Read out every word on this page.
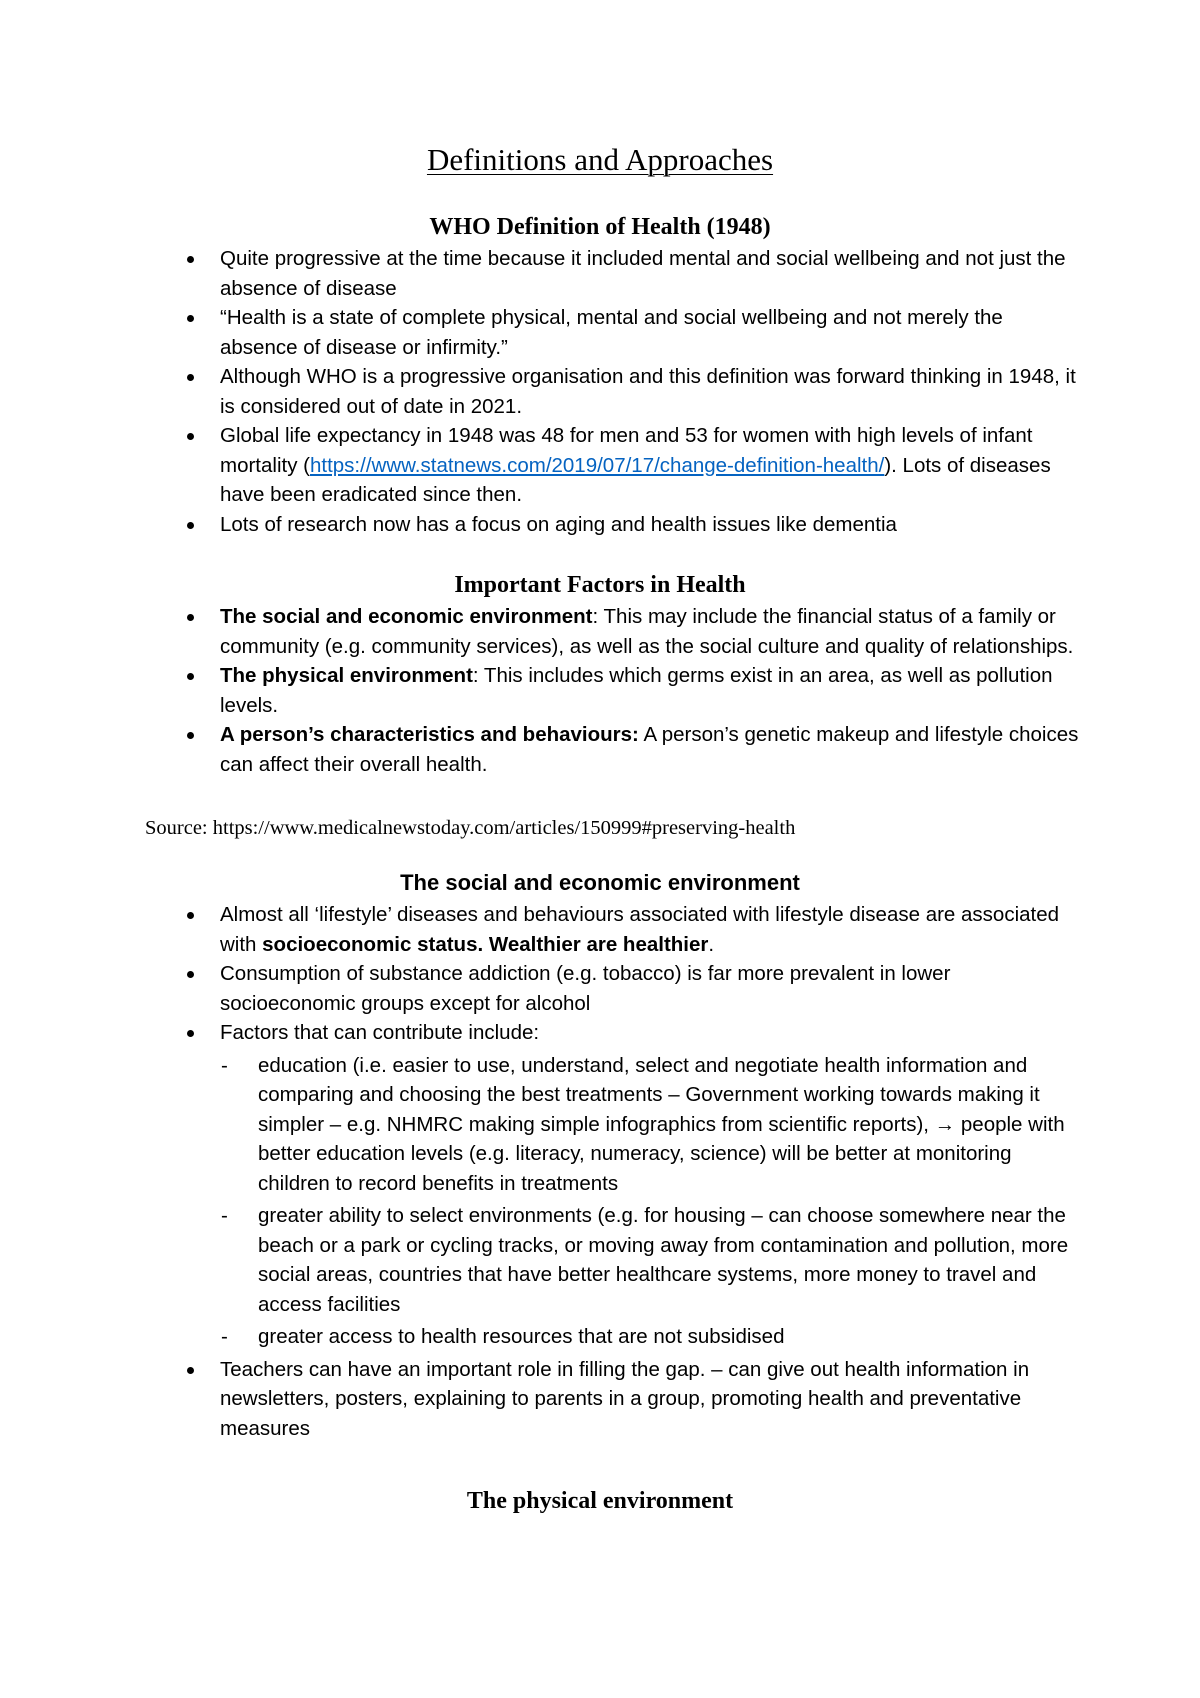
Definitions and Approaches
WHO Definition of Health (1948)
Quite progressive at the time because it included mental and social wellbeing and not just the absence of disease
“Health is a state of complete physical, mental and social wellbeing and not merely the absence of disease or infirmity.”
Although WHO is a progressive organisation and this definition was forward thinking in 1948, it is considered out of date in 2021.
Global life expectancy in 1948 was 48 for men and 53 for women with high levels of infant mortality (https://www.statnews.com/2019/07/17/change-definition-health/). Lots of diseases have been eradicated since then.
Lots of research now has a focus on aging and health issues like dementia
Important Factors in Health
The social and economic environment: This may include the financial status of a family or community (e.g. community services), as well as the social culture and quality of relationships.
The physical environment: This includes which germs exist in an area, as well as pollution levels.
A person’s characteristics and behaviours: A person’s genetic makeup and lifestyle choices can affect their overall health.
Source: https://www.medicalnewstoday.com/articles/150999#preserving-health
The social and economic environment
Almost all ‘lifestyle’ diseases and behaviours associated with lifestyle disease are associated with socioeconomic status. Wealthier are healthier.
Consumption of substance addiction (e.g. tobacco) is far more prevalent in lower socioeconomic groups except for alcohol
Factors that can contribute include:
- education (i.e. easier to use, understand, select and negotiate health information and comparing and choosing the best treatments – Government working towards making it simpler – e.g. NHMRC making simple infographics from scientific reports), → people with better education levels (e.g. literacy, numeracy, science) will be better at monitoring children to record benefits in treatments
- greater ability to select environments (e.g. for housing – can choose somewhere near the beach or a park or cycling tracks, or moving away from contamination and pollution, more social areas, countries that have better healthcare systems, more money to travel and access facilities
- greater access to health resources that are not subsidised
Teachers can have an important role in filling the gap. – can give out health information in newsletters, posters, explaining to parents in a group, promoting health and preventative measures
The physical environment
